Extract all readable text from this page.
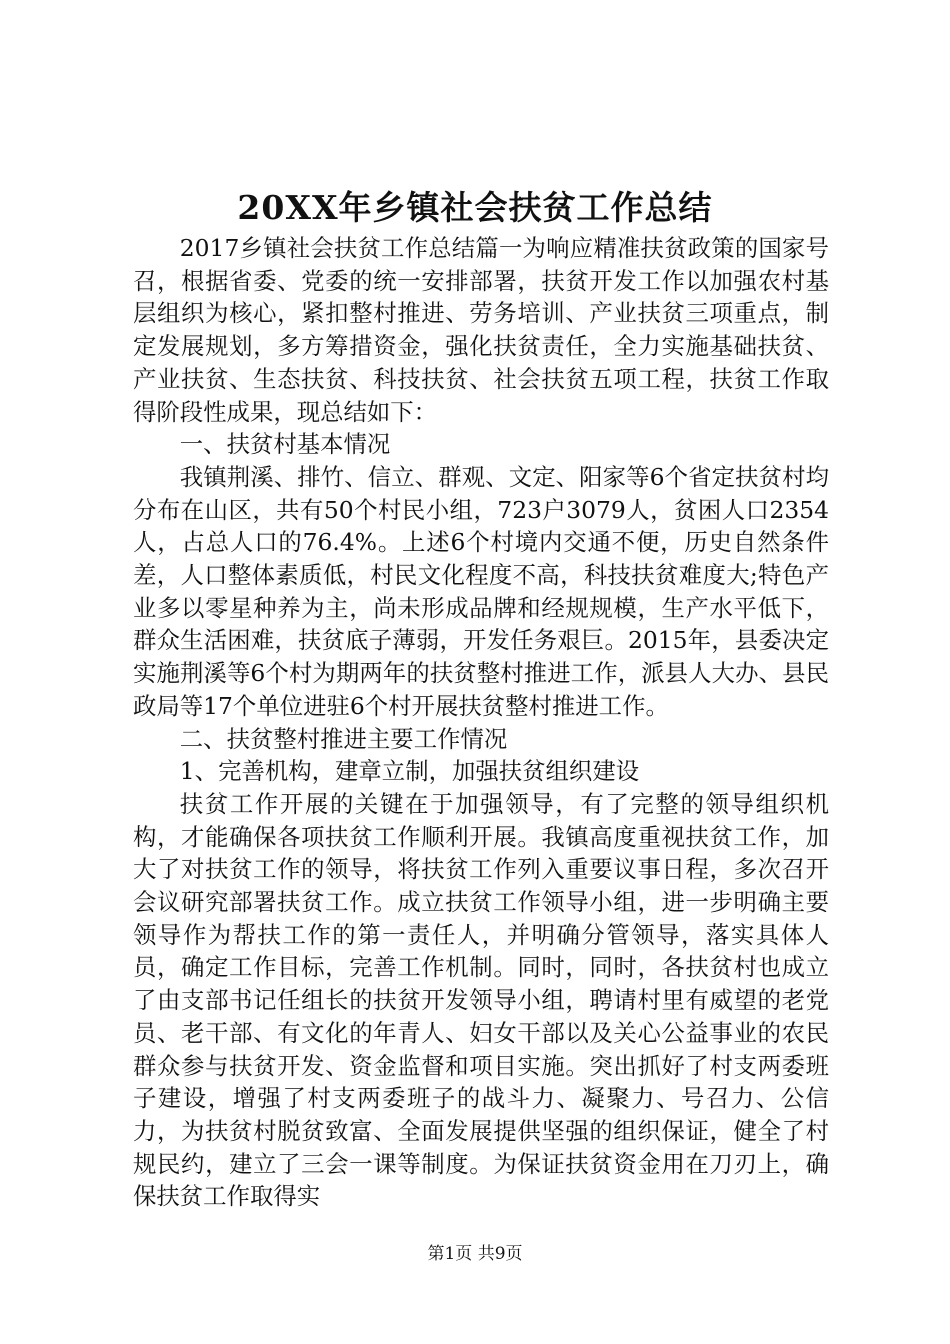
20XX年乡镇社会扶贫工作总结

2017乡镇社会扶贫工作总结篇一为响应精准扶贫政策的国家号召，根据省委、党委的统一安排部署，扶贫开发工作以加强农村基层组织为核心，紧扣整村推进、劳务培训、产业扶贫三项重点，制定发展规划，多方筹措资金，强化扶贫责任，全力实施基础扶贫、产业扶贫、生态扶贫、科技扶贫、社会扶贫五项工程，扶贫工作取得阶段性成果，现总结如下：

一、扶贫村基本情况

我镇荆溪、排竹、信立、群观、文定、阳家等6个省定扶贫村均分布在山区，共有50个村民小组，723户3079人，贫困人口2354人，占总人口的76.4%。上述6个村境内交通不便，历史自然条件差，人口整体素质低，村民文化程度不高，科技扶贫难度大;特色产业多以零星种养为主，尚未形成品牌和经规规模，生产水平低下，群众生活困难，扶贫底子薄弱，开发任务艰巨。2015年，县委决定实施荆溪等6个村为期两年的扶贫整村推进工作，派县人大办、县民政局等17个单位进驻6个村开展扶贫整村推进工作。

二、扶贫整村推进主要工作情况

1、完善机构，建章立制，加强扶贫组织建设

扶贫工作开展的关键在于加强领导，有了完整的领导组织机构，才能确保各项扶贫工作顺利开展。我镇高度重视扶贫工作，加大了对扶贫工作的领导，将扶贫工作列入重要议事日程，多次召开会议研究部署扶贫工作。成立扶贫工作领导小组，进一步明确主要领导作为帮扶工作的第一责任人，并明确分管领导，落实具体人员，确定工作目标，完善工作机制。同时，同时，各扶贫村也成立了由支部书记任组长的扶贫开发领导小组，聘请村里有威望的老党员、老干部、有文化的年青人、妇女干部以及关心公益事业的农民群众参与扶贫开发、资金监督和项目实施。突出抓好了村支两委班子建设，增强了村支两委班子的战斗力、凝聚力、号召力、公信力，为扶贫村脱贫致富、全面发展提供坚强的组织保证，健全了村规民约，建立了三会一课等制度。为保证扶贫资金用在刀刃上，确保扶贫工作取得实

第1页 共9页
